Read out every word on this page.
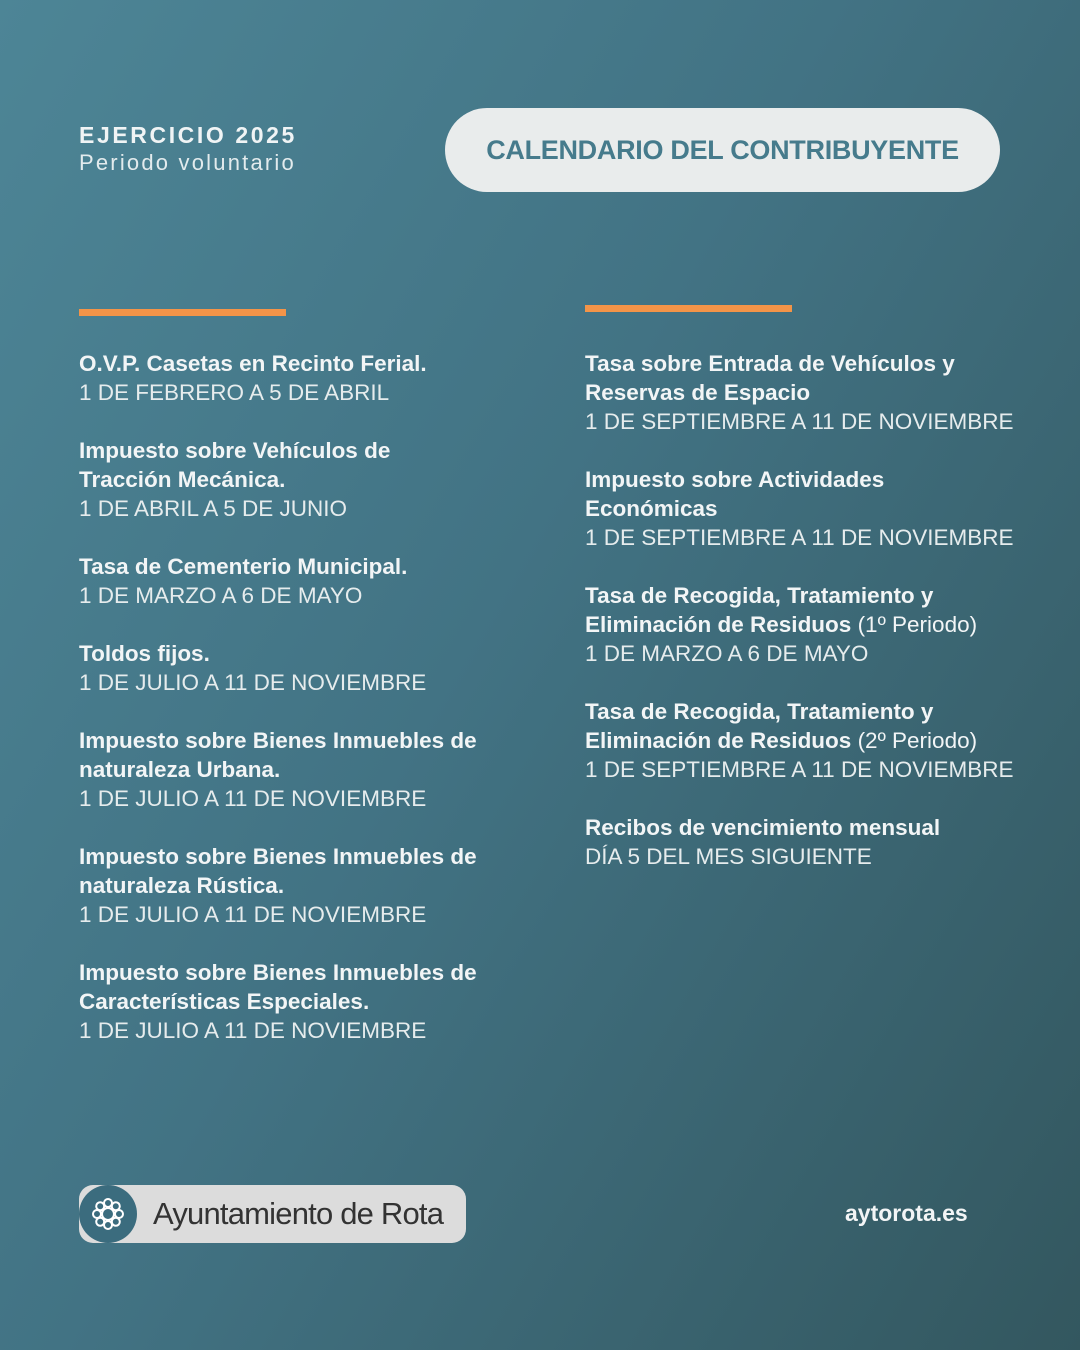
EJERCICIO 2025
Periodo voluntario	CALENDARIO DEL CONTRIBUYENTE
O.V.P. Casetas en Recinto Ferial.
1 DE FEBRERO A 5 DE ABRIL
Impuesto sobre Vehículos de Tracción Mecánica.
1 DE ABRIL A 5 DE JUNIO
Tasa de Cementerio Municipal.
1 DE MARZO A 6 DE MAYO
Toldos fijos.
1 DE JULIO A 11 DE NOVIEMBRE
Impuesto sobre Bienes Inmuebles de naturaleza Urbana.
1 DE JULIO A 11 DE NOVIEMBRE
Impuesto sobre Bienes Inmuebles de naturaleza Rústica.
1 DE JULIO A 11 DE NOVIEMBRE
Impuesto sobre Bienes Inmuebles de Características Especiales.
1 DE JULIO A 11 DE NOVIEMBRE
Tasa sobre Entrada de Vehículos y Reservas de Espacio
1 DE SEPTIEMBRE A 11 DE NOVIEMBRE
Impuesto sobre Actividades Económicas
1 DE SEPTIEMBRE A 11 DE NOVIEMBRE
Tasa de Recogida, Tratamiento y Eliminación de Residuos (1º Periodo)
1 DE MARZO A 6 DE MAYO
Tasa de Recogida, Tratamiento y Eliminación de Residuos (2º Periodo)
1 DE SEPTIEMBRE A 11 DE NOVIEMBRE
Recibos de vencimiento mensual
DÍA 5 DEL MES SIGUIENTE
Ayuntamiento de Rota	aytorota.es
